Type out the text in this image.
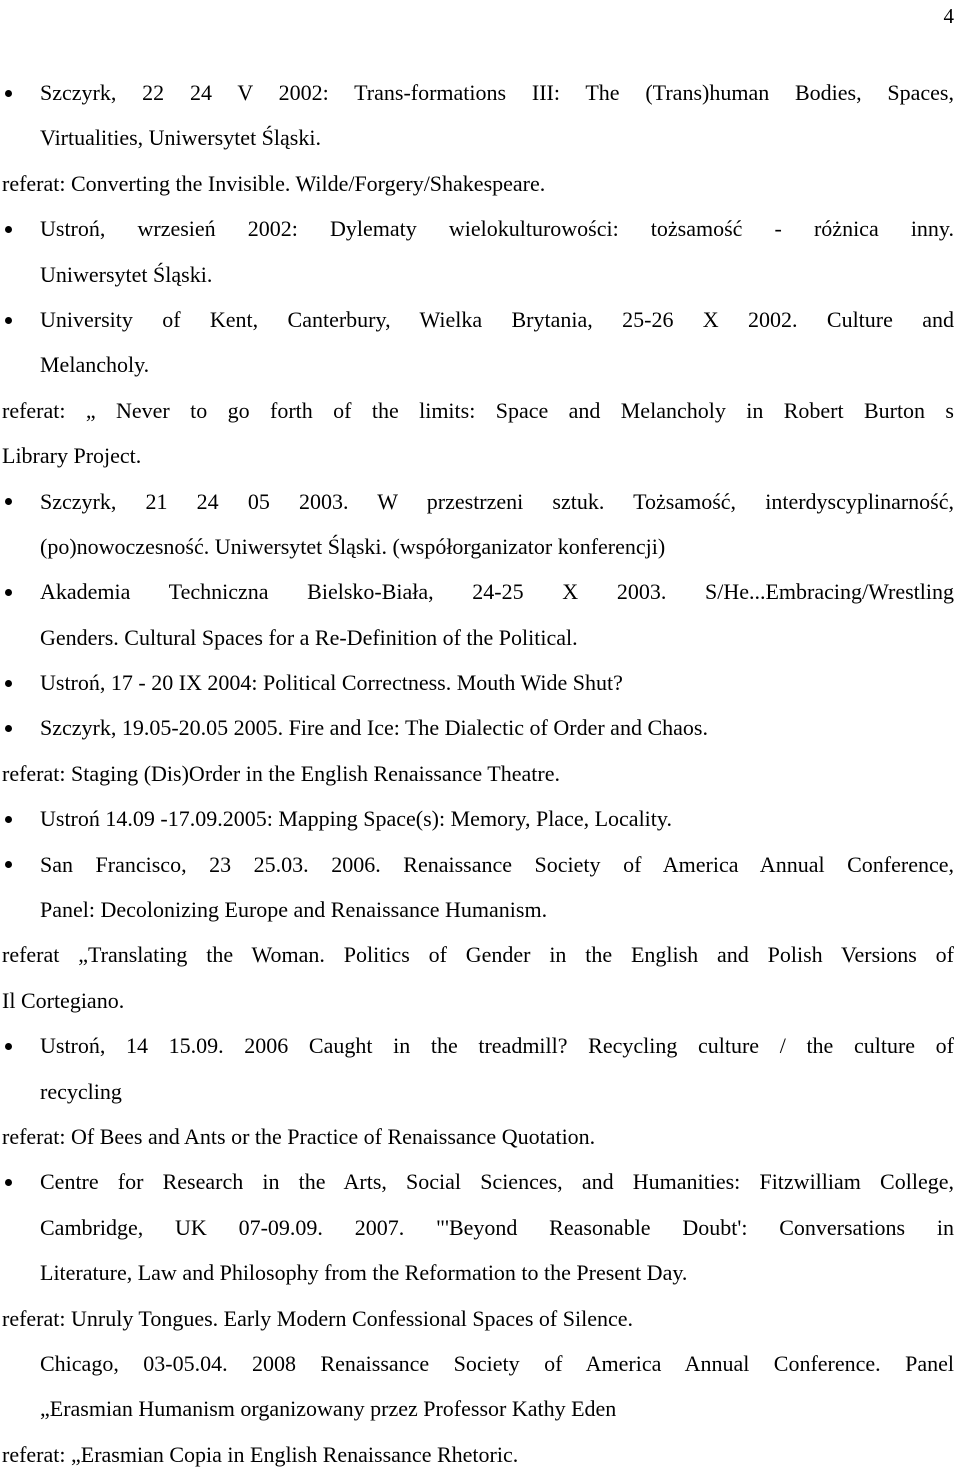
4
Szczyrk, 22 24 V 2002: Trans-formations III: The (Trans)human Bodies, Spaces,
Virtualities, Uniwersytet Śląski.
referat: Converting the Invisible. Wilde/Forgery/Shakespeare.
Ustroń, wrzesień 2002: Dylematy wielokulturowości: tożsamość - różnica inny.
Uniwersytet Śląski.
University of Kent, Canterbury, Wielka Brytania, 25-26 X 2002. Culture and
Melancholy.
referat: „ Never to go forth of the limits: Space and Melancholy in Robert Burton s
Library Project.
Szczyrk, 21 24 05 2003. W przestrzeni sztuk. Tożsamość, interdyscyplinarność,
(po)nowoczesność. Uniwersytet Śląski. (współorganizator konferencji)
Akademia Techniczna Bielsko-Biała, 24-25 X 2003. S/He...Embracing/Wrestling
Genders. Cultural Spaces for a Re-Definition of the Political.
Ustroń, 17 - 20 IX 2004: Political Correctness. Mouth Wide Shut?
Szczyrk, 19.05-20.05 2005. Fire and Ice: The Dialectic of Order and Chaos.
referat: Staging (Dis)Order in the English Renaissance Theatre.
Ustroń 14.09 -17.09.2005: Mapping Space(s): Memory, Place, Locality.
San Francisco, 23 25.03. 2006. Renaissance Society of America Annual Conference,
Panel: Decolonizing Europe and Renaissance Humanism.
referat „Translating the Woman. Politics of Gender in the English and Polish Versions of
Il Cortegiano.
Ustroń, 14 15.09. 2006 Caught in the treadmill? Recycling culture / the culture of
recycling
referat: Of Bees and Ants or the Practice of Renaissance Quotation.
Centre for Research in the Arts, Social Sciences, and Humanities: Fitzwilliam College,
Cambridge, UK 07-09.09. 2007. "'Beyond Reasonable Doubt': Conversations in
Literature, Law and Philosophy from the Reformation to the Present Day.
referat: Unruly Tongues. Early Modern Confessional Spaces of Silence.
Chicago, 03-05.04. 2008 Renaissance Society of America Annual Conference. Panel
„Erasmian Humanism organizowany przez Professor Kathy Eden
referat: „Erasmian Copia in English Renaissance Rhetoric.
